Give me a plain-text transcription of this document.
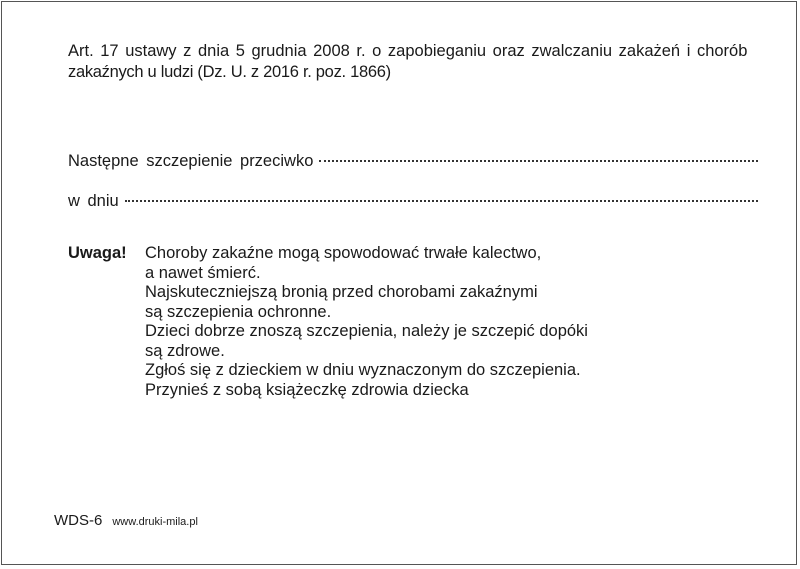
Art. 17 ustawy z dnia 5 grudnia 2008 r. o zapobieganiu oraz zwalczaniu zakażeń i chorób
zakaźnych u ludzi (Dz. U. z 2016 r. poz. 1866)
Następne szczepienie przeciwko
w dniu
Uwaga!	Choroby zakaźne mogą spowodować trwałe kalectwo,
a nawet śmierć.
Najskuteczniejszą bronią przed chorobami zakaźnymi
są szczepienia ochronne.
Dzieci dobrze znoszą szczepienia, należy je szczepić dopóki
są zdrowe.
Zgłoś się z dzieckiem w dniu wyznaczonym do szczepienia.
Przynieś z sobą książeczkę zdrowia dziecka
WDS-6 www.druki-mila.pl
